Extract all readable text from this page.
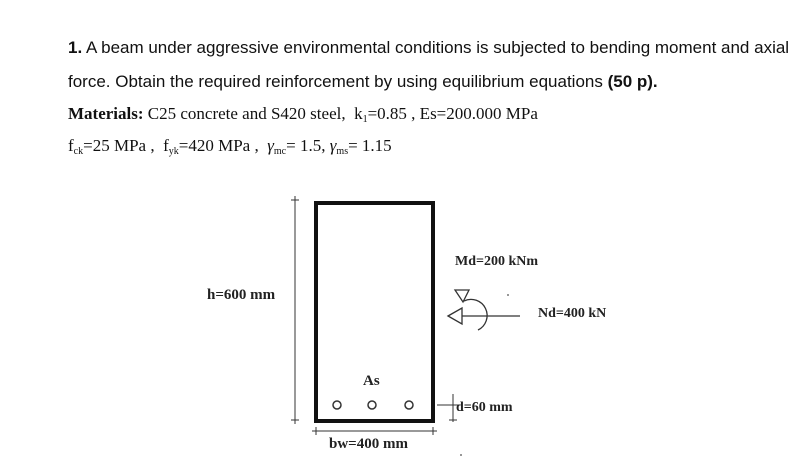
1. A beam under aggressive environmental conditions is subjected to bending moment and axial
force. Obtain the required reinforcement by using equilibrium equations (50 p).
Materials: C25 concrete and S420 steel, $k_1=0.85$ , Es=200.000 MPa
$f_{ck}=25$ MPa , $f_{yk}=420$ MPa , $\gamma_{mc}= 1.5$, $\gamma_{ms}= 1.15$
h=600 mm
bw=400 mm
As
d=60 mm
Md=200 kNm
Nd=400 kN
